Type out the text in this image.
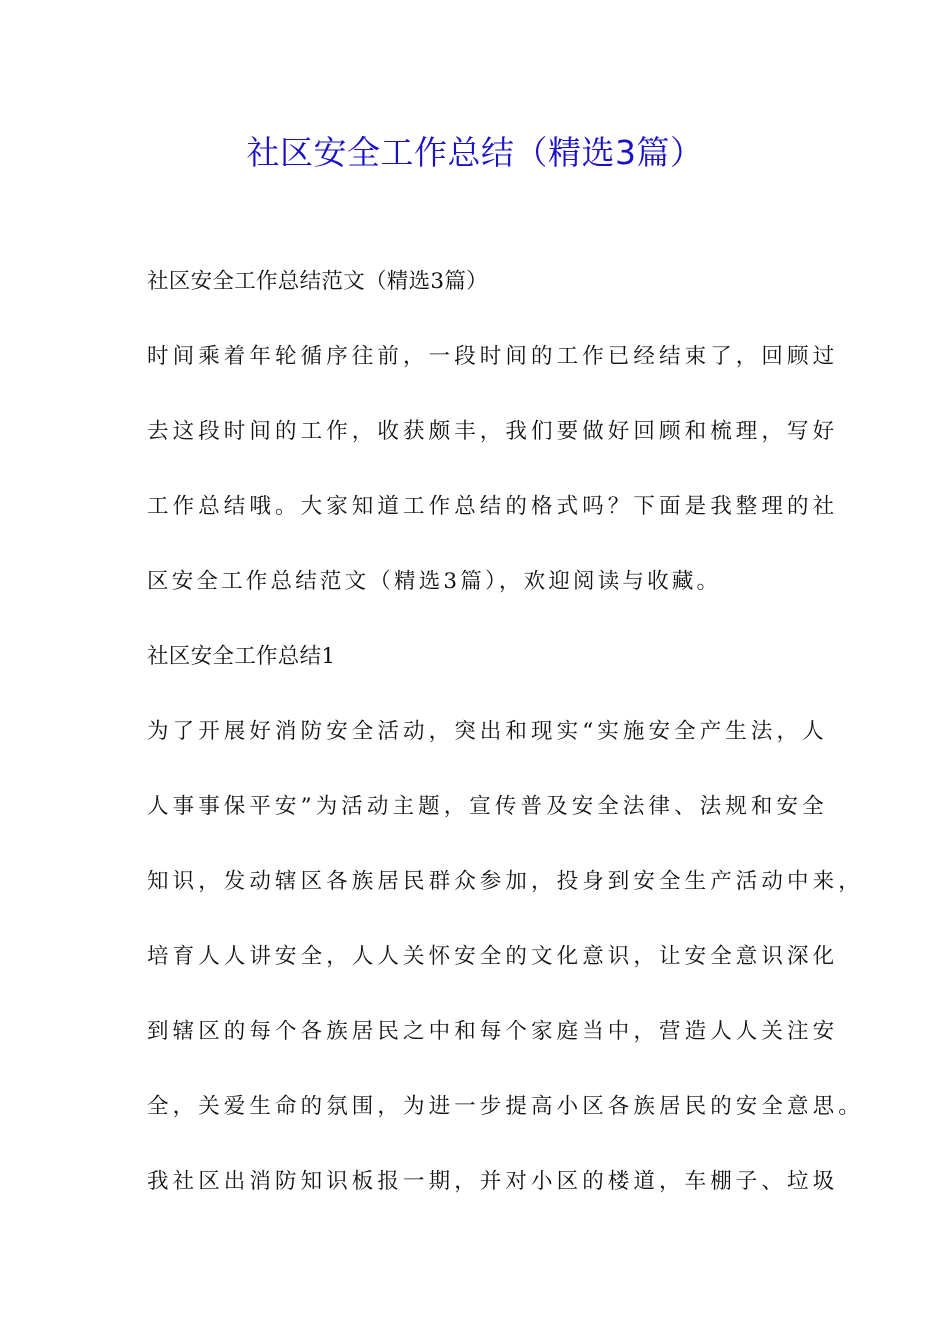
社区安全工作总结（精选3篇）
社区安全工作总结范文（精选3篇）
时间乘着年轮循序往前，一段时间的工作已经结束了，回顾过
去这段时间的工作，收获颇丰，我们要做好回顾和梳理，写好
工作总结哦。大家知道工作总结的格式吗？下面是我整理的社
区安全工作总结范文（精选3篇），欢迎阅读与收藏。
社区安全工作总结1
为了开展好消防安全活动，突出和现实“实施安全产生法，人
人事事保平安”为活动主题，宣传普及安全法律、法规和安全
知识，发动辖区各族居民群众参加，投身到安全生产活动中来，
培育人人讲安全，人人关怀安全的文化意识，让安全意识深化
到辖区的每个各族居民之中和每个家庭当中，营造人人关注安
全，关爱生命的氛围，为进一步提高小区各族居民的安全意思。
我社区出消防知识板报一期，并对小区的楼道，车棚子、垃圾
